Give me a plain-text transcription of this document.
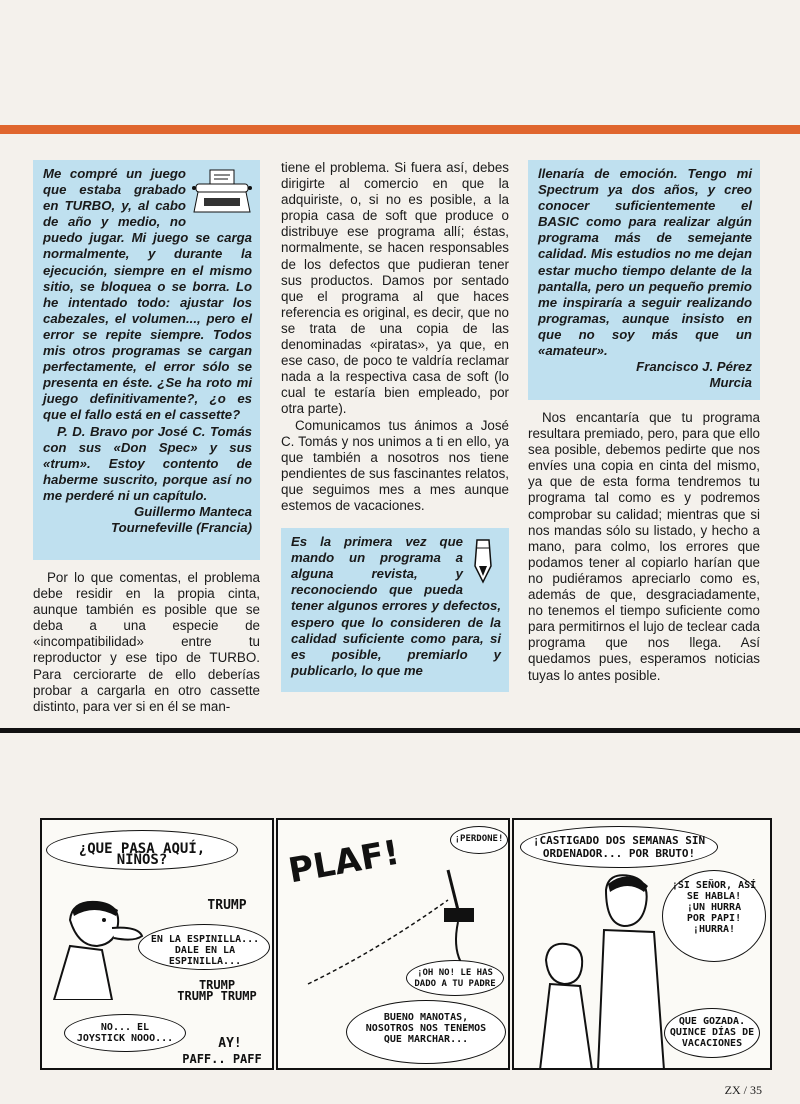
Me compré un juego que estaba grabado en TURBO, y, al cabo de año y medio, no puedo jugar. Mi juego se carga normalmente, y durante la ejecución, siempre en el mismo sitio, se bloquea o se borra. Lo he intentado todo: ajustar los cabezales, el volumen..., pero el error se repite siempre. Todos mis otros programas se cargan perfectamente, el error sólo se presenta en éste. ¿Se ha roto mi juego definitivamente?, ¿o es que el fallo está en el cassette?
P. D. Bravo por José C. Tomás con sus «Don Spec» y sus «trum». Estoy contento de haberme suscrito, porque así no me perderé ni un capítulo.
Guillermo Manteca
Tournefeville (Francia)
Por lo que comentas, el problema debe residir en la propia cinta, aunque también es posible que se deba a una especie de «incompatibilidad» entre tu reproductor y ese tipo de TURBO. Para cerciorarte de ello deberías probar a cargarla en otro cassette distinto, para ver si en él se man-
tiene el problema. Si fuera así, debes dirigirte al comercio en que la adquiriste, o, si no es posible, a la propia casa de soft que produce o distribuye ese programa allí; éstas, normalmente, se hacen responsables de los defectos que pudieran tener sus productos. Damos por sentado que el programa al que haces referencia es original, es decir, que no se trata de una copia de las denominadas «piratas», ya que, en ese caso, de poco te valdría reclamar nada a la respectiva casa de soft (lo cual te estaría bien empleado, por otra parte).
Comunicamos tus ánimos a José C. Tomás y nos unimos a ti en ello, ya que también a nosotros nos tiene pendientes de sus fascinantes relatos, que seguimos mes a mes aunque estemos de vacaciones.
Es la primera vez que mando un programa a alguna revista, y reconociendo que pueda tener algunos errores y defectos, espero que lo consideren de la calidad suficiente como para, si es posible, premiarlo y publicarlo, lo que me
llenaría de emoción. Tengo mi Spectrum ya dos años, y creo conocer suficientemente el BASIC como para realizar algún programa más de semejante calidad. Mis estudios no me dejan estar mucho tiempo delante de la pantalla, pero un pequeño premio me inspiraría a seguir realizando programas, aunque insisto en que no soy más que un «amateur».
Francisco J. Pérez
Murcia
Nos encantaría que tu programa resultara premiado, pero, para que ello sea posible, debemos pedirte que nos envíes una copia en cinta del mismo, ya que de esta forma tendremos tu programa tal como es y podremos comprobar su calidad; mientras que si nos mandas sólo su listado, y hecho a mano, para colmo, los errores que podamos tener al copiarlo harían que no pudiéramos apreciarlo como es, además de que, desgraciadamente, no tenemos el tiempo suficiente como para permitirnos el lujo de teclear cada programa que nos llega. Así quedamos pues, esperamos noticias tuyas lo antes posible.
¿QUE PASA AQUÍ, NIÑOS?
TRUMP
EN LA ESPINILLA...
DALE EN LA ESPINILLA...
TRUMP
TRUMP TRUMP
NO... EL
JOYSTICK NOOO...	AY!
PAFF.. PAFF
PLAF!	¡PERDONE!
¡OH NO! LE HAS
DADO A TU PADRE
BUENO MANOTAS,
NOSOTROS NOS TENEMOS
QUE MARCHAR...
¡CASTIGADO DOS SEMANAS SIN
ORDENADOR... POR BRUTO!
¡SI SEÑOR, ASÍ
SE HABLA!
¡UN HURRA
POR PAPI!
¡HURRA!
QUE GOZADA.
QUINCE DÍAS DE
VACACIONES
ZX / 35
